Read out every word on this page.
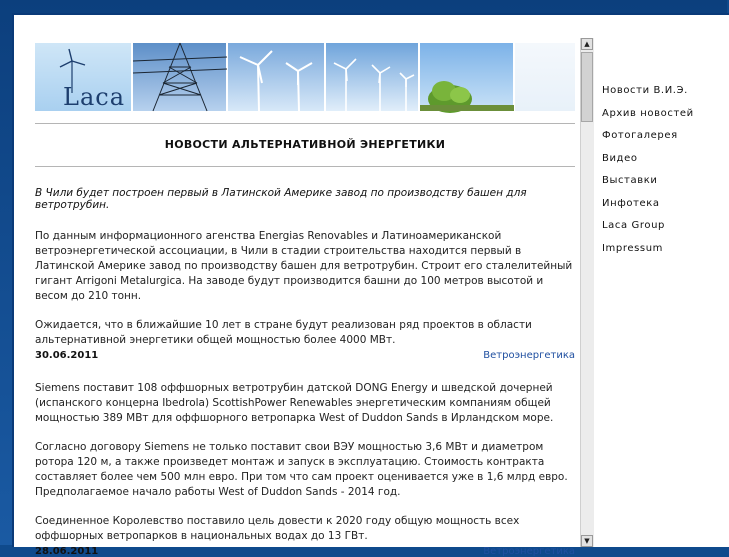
Laca
НОВОСТИ АЛЬТЕРНАТИВНОЙ ЭНЕРГЕТИКИ
В Чили будет построен первый в Латинской Америке завод по производству башен для ветротрубин.

По данным информационного агенства Energias Renovables и Латиноамериканской ветроэнергетической ассоциации, в Чили в стадии строительства находится первый в Латинской Америке завод по производству башен для ветротрубин. Строит его сталелитейный гигант Arrigoni Metalurgica. На заводе будут производится башни до 100 метров высотой и весом до 210 тонн.

Ожидается, что в ближайшие 10 лет в стране будут реализован ряд проектов в области альтернативной энергетики общей мощностью более 4000 МВт.

30.06.2011	Ветроэнергетика

Siemens поставит 108 оффшорных ветротрубин датской DONG Energy и шведской дочерней (испанского концерна Ibedrola) ScottishPower Renewables энергетическим компаниям общей мощностью 389 МВт для оффшорного ветропарка West of Duddon Sands в Ирландском море.

Согласно договору Siemens не только поставит свои ВЭУ мощностью 3,6 МВт и диаметром ротора 120 м, а также произведет монтаж и запуск в эксплуатацию. Стоимость контракта составляет более чем 500 млн евро. При том что сам проект оценивается уже в 1,6 млрд евро. Предполагаемое начало работы West of Duddon Sands - 2014 год.

Соединенное Королевство поставило цель довести к 2020 году общую мощность всех оффшорных ветропарков в национальных водах до 13 ГВт.

28.06.2011	Ветроэнергетика
▲
▼
Новости В.И.Э.
Архив новостей
Фотогалерея
Видео
Выставки
Инфотека
Laca Group
Impressum
